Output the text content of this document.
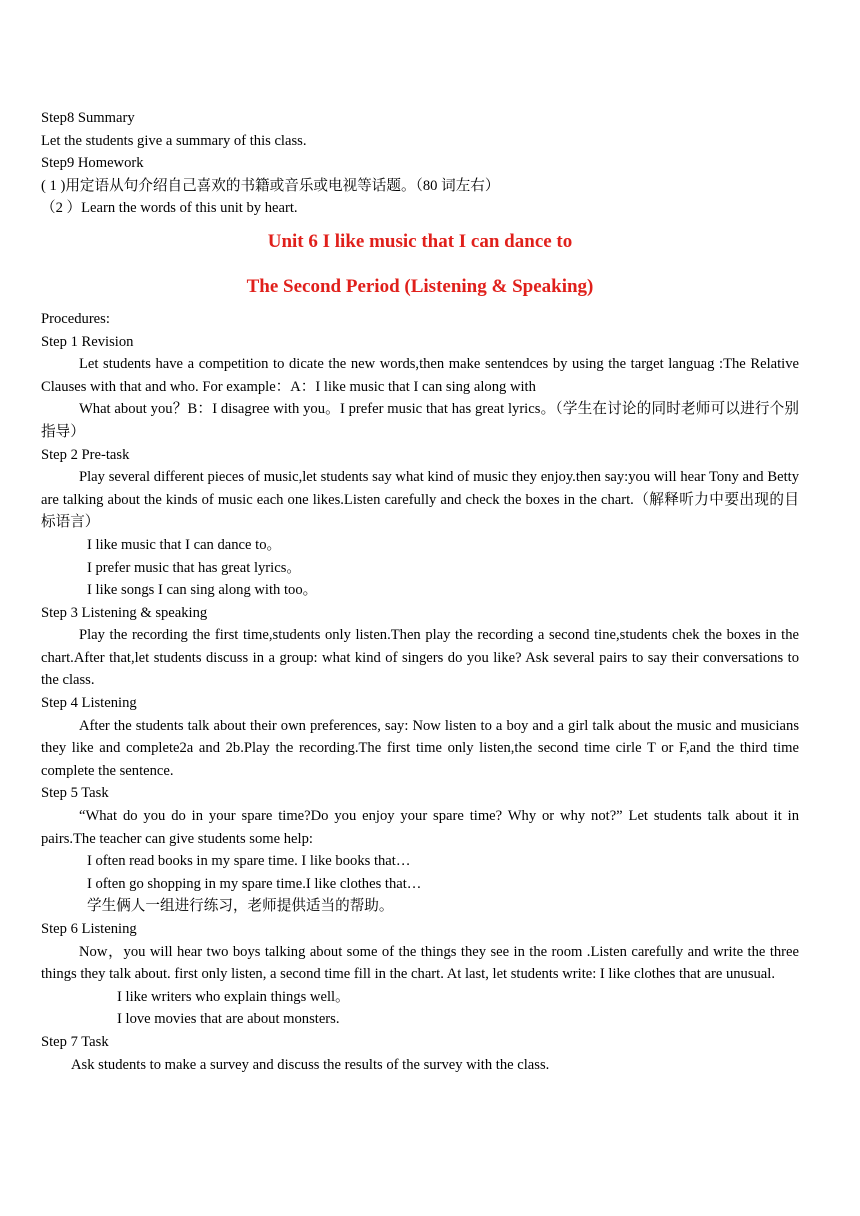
Step8 Summary
Let the students give a summary of this class.
Step9 Homework
( 1 )用定语从句介绍自己喜欢的书籍或音乐或电视等话题。（80 词左右）
（2 ）Learn the words of this unit by heart.
Unit 6 I like music that I can dance to
The Second Period (Listening & Speaking)
Procedures:
Step 1 Revision
Let students have a competition to dicate the new words,then make sentendces by using the target languag :The Relative Clauses with that and who. For example：A：I like music that I can sing along with
What about you？B：I disagree with you。I prefer music that has great lyrics。（学生在讨论的同时老师可以进行个别指导）
Step 2 Pre-task
Play several different pieces of music,let students say what kind of music they enjoy.then say:you will hear Tony and Betty are talking about the kinds of music each one likes.Listen carefully and check the boxes in the chart.（解释听力中要出现的目标语言）
I like music that I can dance to。
I prefer music that has great lyrics。
I like songs I can sing along with too。
Step 3 Listening & speaking
Play the recording the first time,students only listen.Then play the recording a second tine,students chek the boxes in the chart.After that,let students discuss in a group: what kind of singers do you like? Ask several pairs to say their conversations to the class.
Step 4 Listening
After the students talk about their own preferences, say: Now listen to a boy and a girl talk about the music and musicians they like and complete2a and 2b.Play the recording.The first time only listen,the second time cirle T or F,and the third time complete the sentence.
Step 5 Task
“What do you do in your spare time?Do you enjoy your spare time? Why or why not?” Let students talk about it in pairs.The teacher can give students some help:
I often read books in my spare time. I like books that…
I often go shopping in my spare time.I like clothes that…
学生俩人一组进行练习，老师提供适当的帮助。
Step 6 Listening
Now，you will hear two boys talking about some of the things they see in the room .Listen carefully and write the three things they talk about. first only listen, a second time fill in the chart. At last, let students write: I like clothes that are unusual.
I like writers who explain things well。
I love movies that are about monsters.
Step 7 Task
Ask students to make a survey and discuss the results of the survey with the class.
